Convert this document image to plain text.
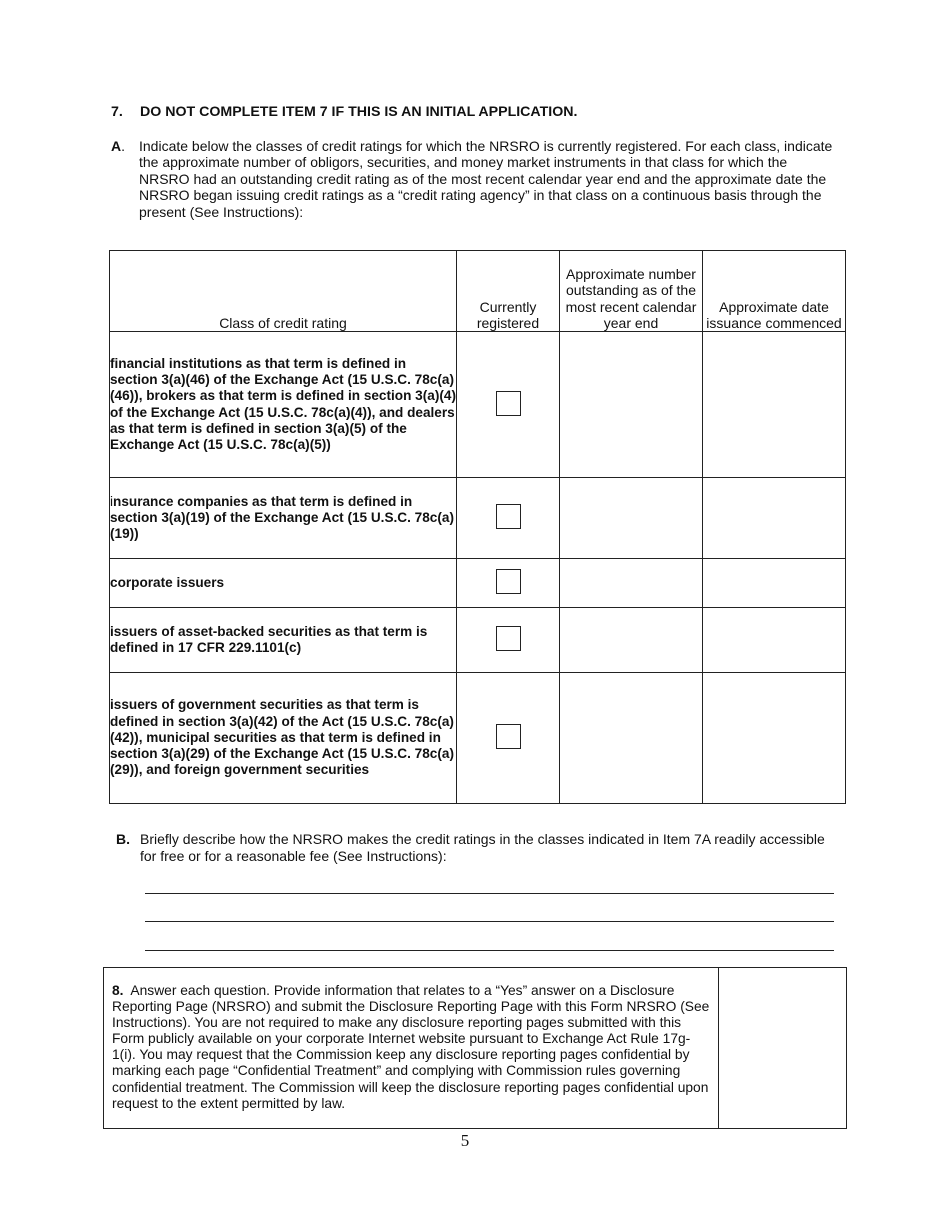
7. DO NOT COMPLETE ITEM 7 IF THIS IS AN INITIAL APPLICATION.
A. Indicate below the classes of credit ratings for which the NRSRO is currently registered. For each class, indicate the approximate number of obligors, securities, and money market instruments in that class for which the NRSRO had an outstanding credit rating as of the most recent calendar year end and the approximate date the NRSRO began issuing credit ratings as a “credit rating agency” in that class on a continuous basis through the present (See Instructions):
Class of credit rating	Currently registered	Approximate number outstanding as of the most recent calendar year end	Approximate date issuance commenced
financial institutions as that term is defined in section 3(a)(46) of the Exchange Act (15 U.S.C. 78c(a)(46)), brokers as that term is defined in section 3(a)(4) of the Exchange Act (15 U.S.C. 78c(a)(4)), and dealers as that term is defined in section 3(a)(5) of the Exchange Act (15 U.S.C. 78c(a)(5))			
insurance companies as that term is defined in section 3(a)(19) of the Exchange Act (15 U.S.C. 78c(a)(19))			
corporate issuers			
issuers of asset-backed securities as that term is defined in 17 CFR 229.1101(c)			
issuers of government securities as that term is defined in section 3(a)(42) of the Act (15 U.S.C. 78c(a)(42)), municipal securities as that term is defined in section 3(a)(29) of the Exchange Act (15 U.S.C. 78c(a)(29)), and foreign government securities			
B. Briefly describe how the NRSRO makes the credit ratings in the classes indicated in Item 7A readily accessible for free or for a reasonable fee (See Instructions):
8. Answer each question. Provide information that relates to a “Yes” answer on a Disclosure Reporting Page (NRSRO) and submit the Disclosure Reporting Page with this Form NRSRO (See Instructions). You are not required to make any disclosure reporting pages submitted with this Form publicly available on your corporate Internet website pursuant to Exchange Act Rule 17g-1(i). You may request that the Commission keep any disclosure reporting pages confidential by marking each page “Confidential Treatment” and complying with Commission rules governing confidential treatment. The Commission will keep the disclosure reporting pages confidential upon request to the extent permitted by law.
5
